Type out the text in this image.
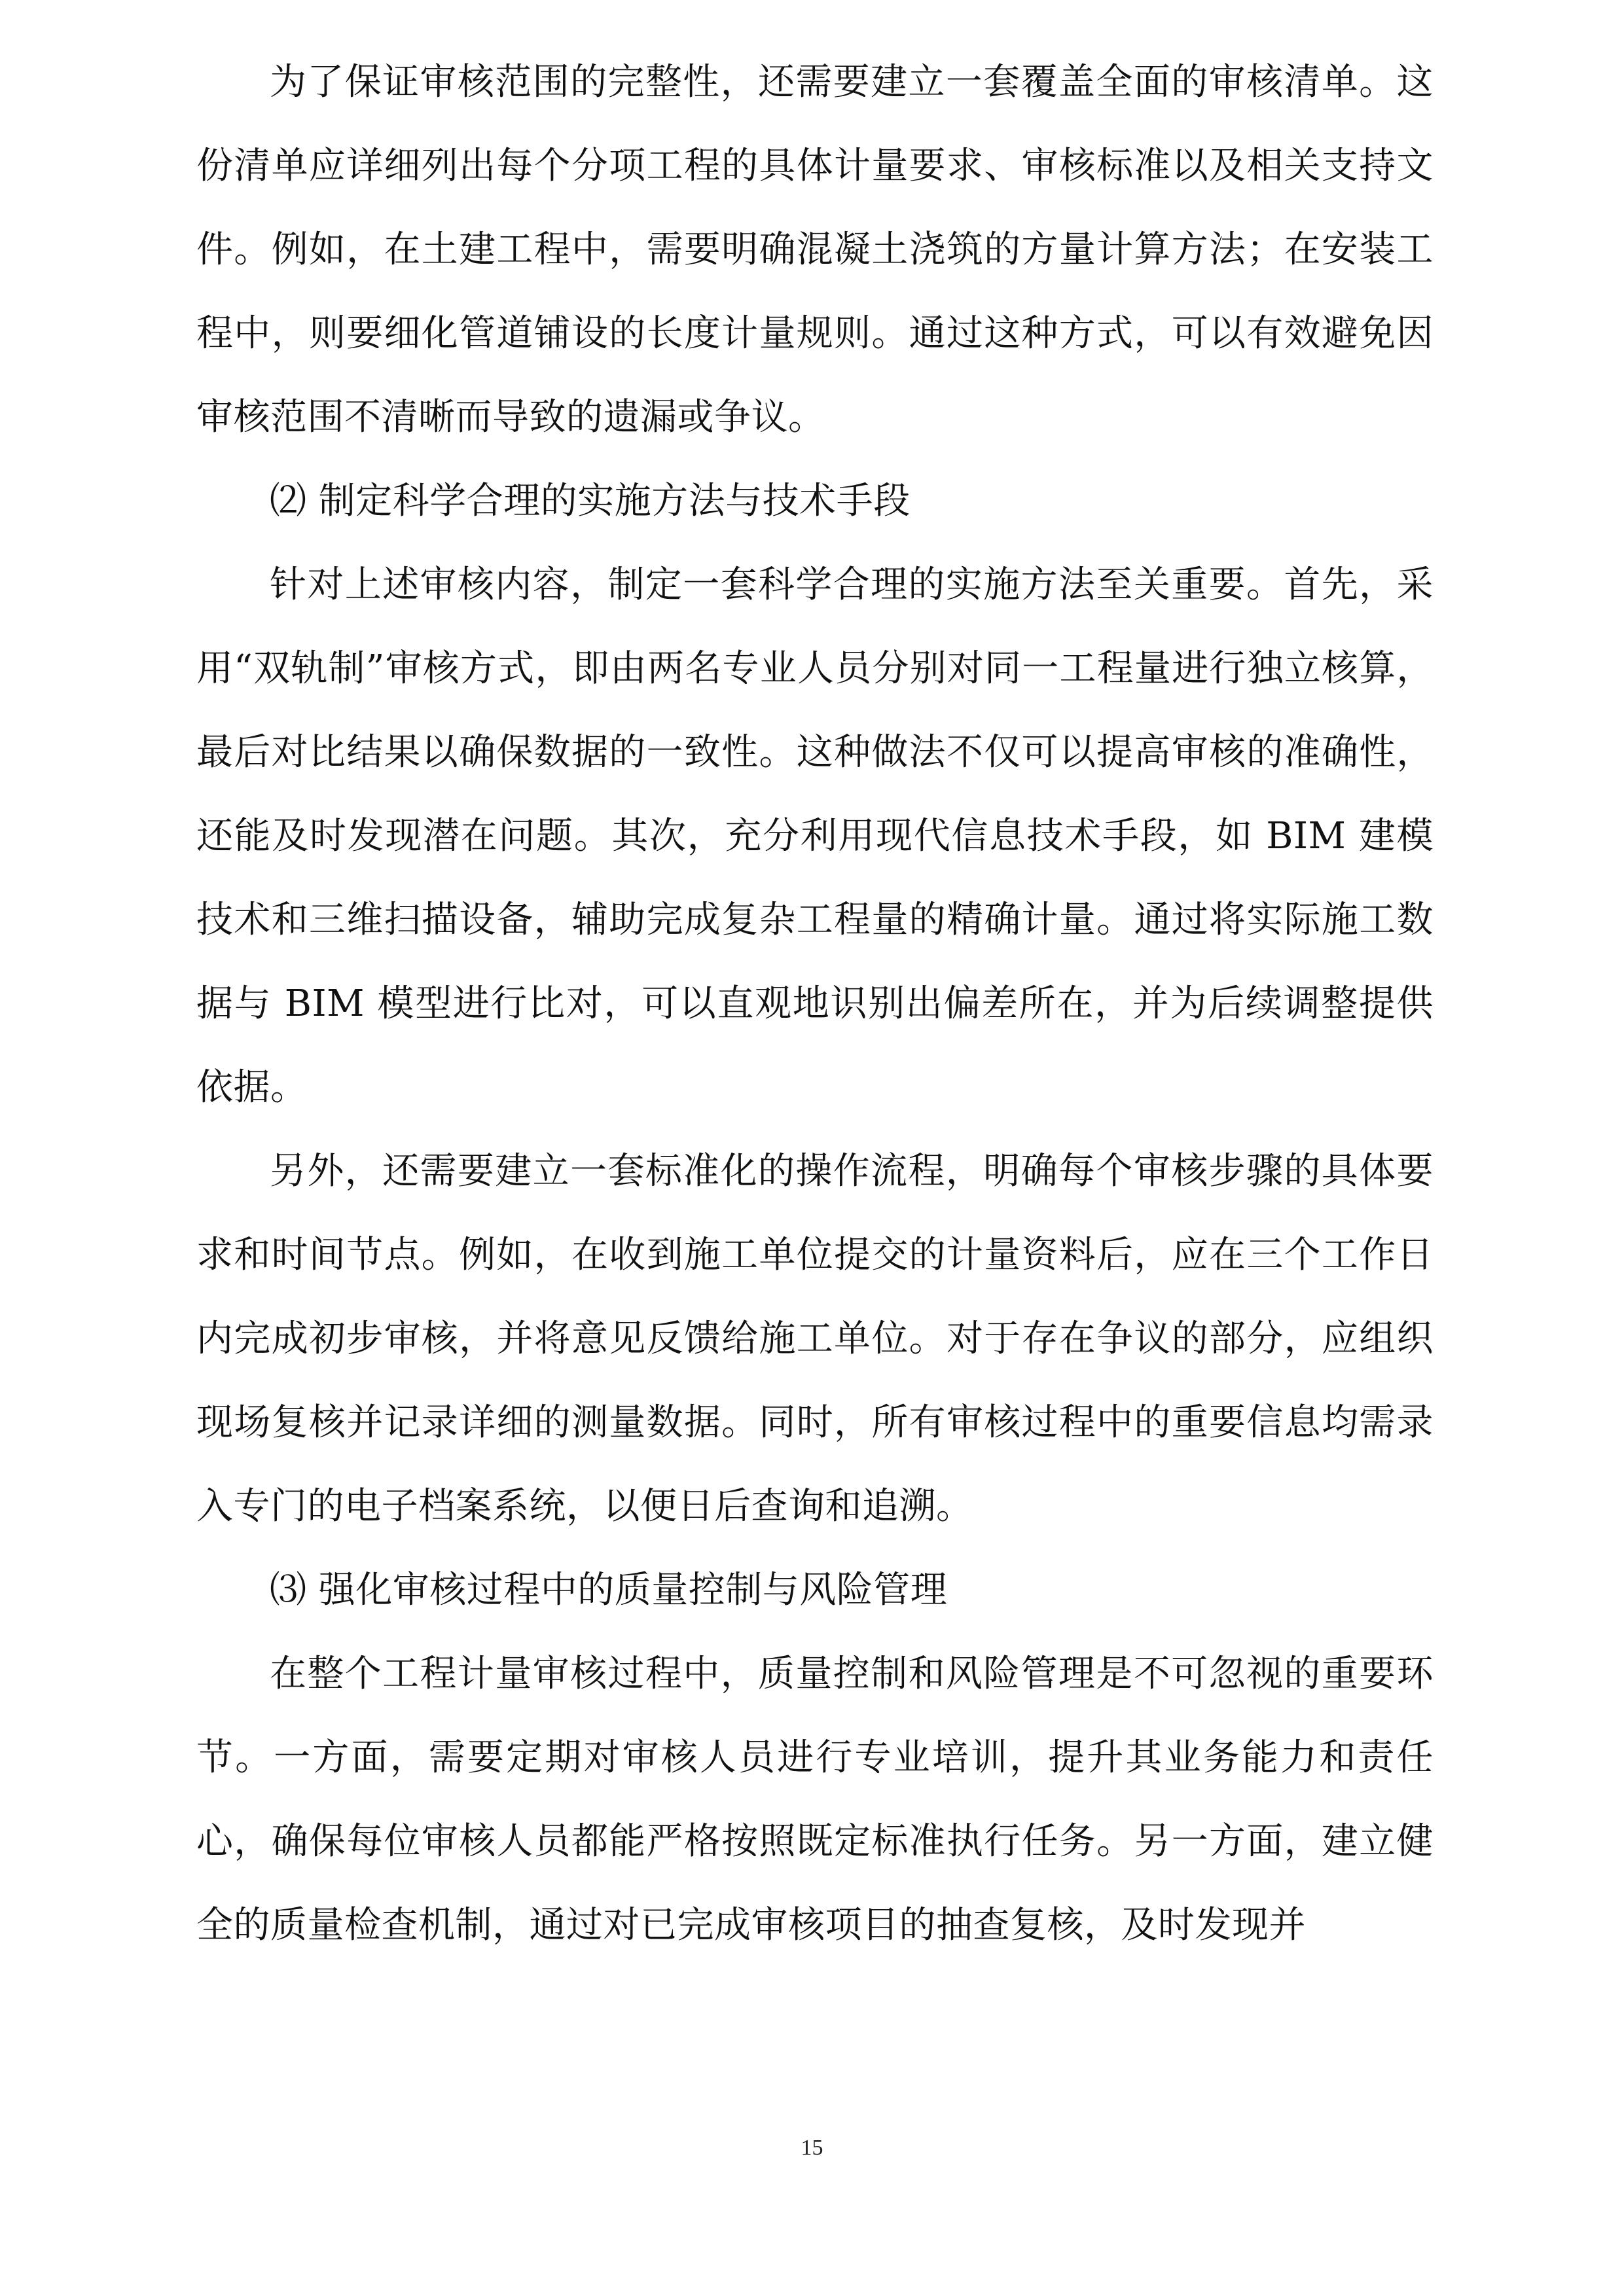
为了保证审核范围的完整性，还需要建立一套覆盖全面的审核清单。这份清单应详细列出每个分项工程的具体计量要求、审核标准以及相关支持文件。例如，在土建工程中，需要明确混凝土浇筑的方量计算方法；在安装工程中，则要细化管道铺设的长度计量规则。通过这种方式，可以有效避免因审核范围不清晰而导致的遗漏或争议。

⑵ 制定科学合理的实施方法与技术手段

针对上述审核内容，制定一套科学合理的实施方法至关重要。首先，采用“双轨制”审核方式，即由两名专业人员分别对同一工程量进行独立核算，最后对比结果以确保数据的一致性。这种做法不仅可以提高审核的准确性，还能及时发现潜在问题。其次，充分利用现代信息技术手段，如 BIM 建模技术和三维扫描设备，辅助完成复杂工程量的精确计量。通过将实际施工数据与 BIM 模型进行比对，可以直观地识别出偏差所在，并为后续调整提供依据。

另外，还需要建立一套标准化的操作流程，明确每个审核步骤的具体要求和时间节点。例如，在收到施工单位提交的计量资料后，应在三个工作日内完成初步审核，并将意见反馈给施工单位。对于存在争议的部分，应组织现场复核并记录详细的测量数据。同时，所有审核过程中的重要信息均需录入专门的电子档案系统，以便日后查询和追溯。

⑶ 强化审核过程中的质量控制与风险管理

在整个工程计量审核过程中，质量控制和风险管理是不可忽视的重要环节。一方面，需要定期对审核人员进行专业培训，提升其业务能力和责任心，确保每位审核人员都能严格按照既定标准执行任务。另一方面，建立健全的质量检查机制，通过对已完成审核项目的抽查复核，及时发现并

15
